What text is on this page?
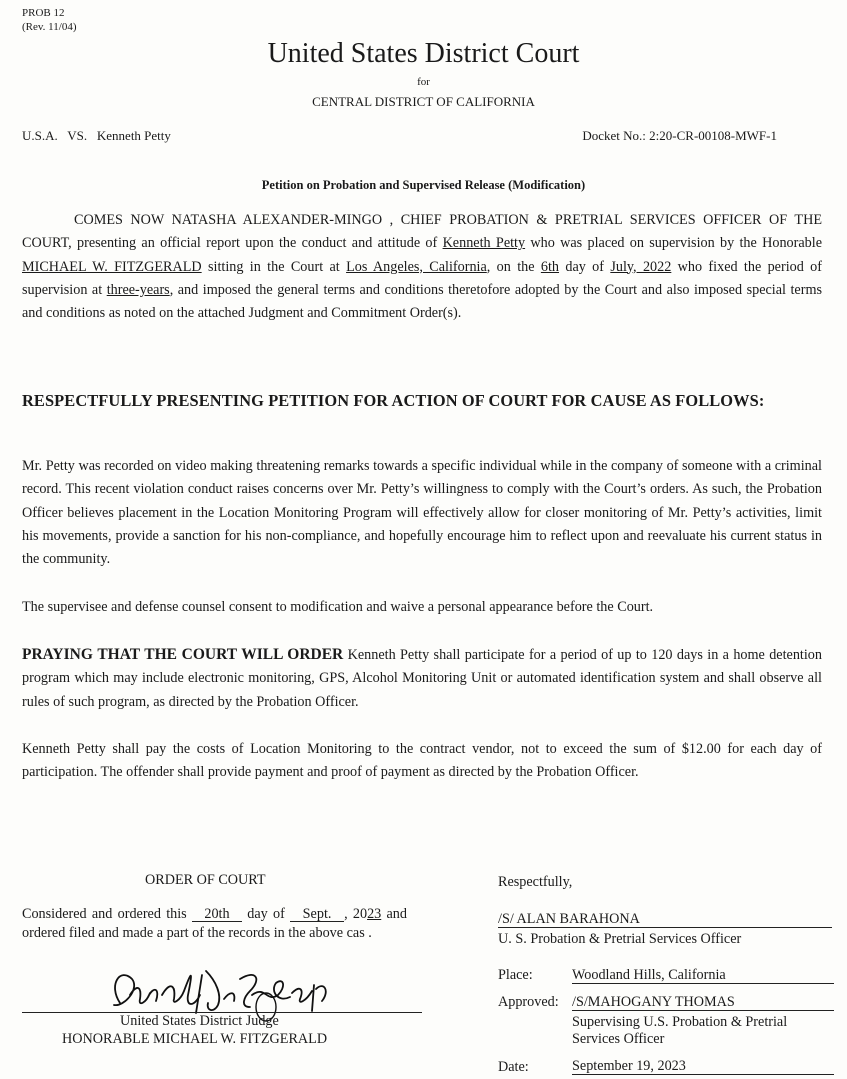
PROB 12
(Rev. 11/04)
United States District Court
for
CENTRAL DISTRICT OF CALIFORNIA
U.S.A.   VS.   Kenneth Petty	Docket No.: 2:20-CR-00108-MWF-1
Petition on Probation and Supervised Release (Modification)
COMES NOW NATASHA ALEXANDER-MINGO , CHIEF PROBATION & PRETRIAL SERVICES OFFICER OF THE COURT, presenting an official report upon the conduct and attitude of Kenneth Petty who was placed on supervision by the Honorable MICHAEL W. FITZGERALD sitting in the Court at Los Angeles, California, on the 6th day of July, 2022 who fixed the period of supervision at three-years, and imposed the general terms and conditions theretofore adopted by the Court and also imposed special terms and conditions as noted on the attached Judgment and Commitment Order(s).
RESPECTFULLY PRESENTING PETITION FOR ACTION OF COURT FOR CAUSE AS FOLLOWS:
Mr. Petty was recorded on video making threatening remarks towards a specific individual while in the company of someone with a criminal record. This recent violation conduct raises concerns over Mr. Petty’s willingness to comply with the Court’s orders. As such, the Probation Officer believes placement in the Location Monitoring Program will effectively allow for closer monitoring of Mr. Petty’s activities, limit his movements, provide a sanction for his non-compliance, and hopefully encourage him to reflect upon and reevaluate his current status in the community.
The supervisee and defense counsel consent to modification and waive a personal appearance before the Court.
PRAYING THAT THE COURT WILL ORDER Kenneth Petty shall participate for a period of up to 120 days in a home detention program which may include electronic monitoring, GPS, Alcohol Monitoring Unit or automated identification system and shall observe all rules of such program, as directed by the Probation Officer.
Kenneth Petty shall pay the costs of Location Monitoring to the contract vendor, not to exceed the sum of $12.00 for each day of participation. The offender shall provide payment and proof of payment as directed by the Probation Officer.
ORDER OF COURT
Considered and ordered this 20th day of Sept. , 2023 and ordered filed and made a part of the records in the above cas .
United States District Judge
HONORABLE MICHAEL W. FITZGERALD
Respectfully,
/S/ ALAN BARAHONA
U. S. Probation & Pretrial Services Officer
Place:	Woodland Hills, California
Approved: /S/MAHOGANY THOMAS
Supervising U.S. Probation & Pretrial Services Officer
Date:	September 19, 2023
